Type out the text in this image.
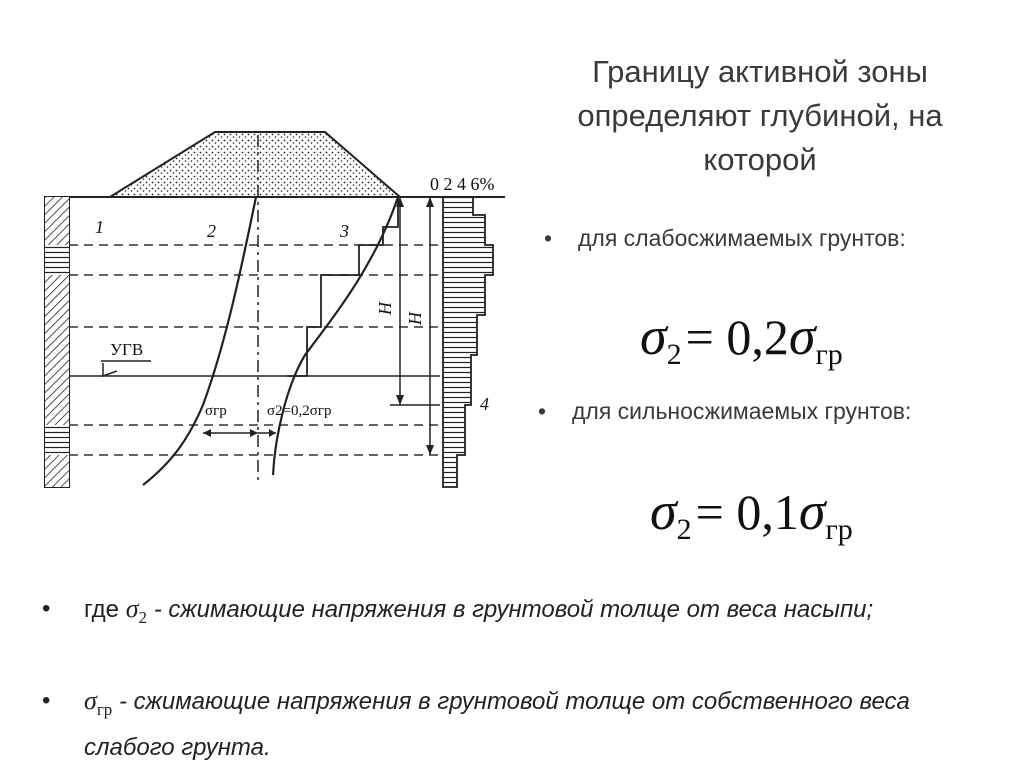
0 2 4 6%
1	2	3
4
УГВ
H
H
σгр	σ2=0,2σгр
Границу активной зоны определяют глубиной, на которой
• для слабосжимаемых грунтов:
σ2 = 0,2σгр
• для сильносжимаемых грунтов:
σ2 = 0,1σгр
• где $\sigma_2$ - сжимающие напряжения в грунтовой толще от веса насыпи;
• $\sigma_{гр}$ - сжимающие напряжения в грунтовой толще от собственного веса слабого грунта.
